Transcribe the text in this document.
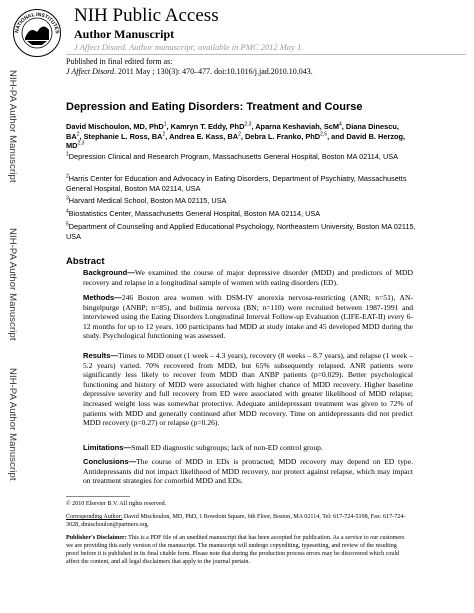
NATIONAL INSTITUTES
NIH Public Access
Author Manuscript
J Affect Disord. Author manuscript; available in PMC 2012 May 1.
NIH-PA Author Manuscript
NIH-PA Author Manuscript
NIH-PA Author Manuscript
Published in final edited form as:
J Affect Disord. 2011 May ; 130(3): 470–477. doi:10.1016/j.jad.2010.10.043.
Depression and Eating Disorders: Treatment and Course
David Mischoulon, MD, PhD$^1$, Kamryn T. Eddy, PhD$^{2,3}$, Aparna Keshaviah, ScM$^4$, Diana Dinescu, $BA^2$, Stephanie L. Ross, $BA^2$, Andrea E. Kass, $BA^2$, Debra L. Franko, PhD$^{2,5}$, and David B. Herzog, MD$^{2,3}$
$^1$Depression Clinical and Research Program, Massachusetts General Hospital, Boston MA 02114, USA
$^2$Harris Center for Education and Advocacy in Eating Disorders, Department of Psychiatry, Massachusetts General Hospital, Boston MA 02114, USA
$^3$Harvard Medical School, Boston MA 02115, USA
$^4$Biostatistics Center, Massachusetts General Hospital, Boston MA 02114, USA
$^5$Department of Counseling and Applied Educational Psychology, Northeastern University, Boston MA 02115, USA
Abstract
Background—We examined the course of major depressive disorder (MDD) and predictors of MDD recovery and relapse in a longitudinal sample of women with eating disorders (ED).
Methods—246 Boston area women with DSM-IV anorexia nervosa-restricting (ANR; n=51), AN-bingelpurge (ANBP; n=85), and bulimia nervosa (BN; n=110) were recruited between 1987-1991 and interviewed using the Eating Disorders Longitudinal Interval Follow-up Evaluation (LIFE-EAT-II) every 6-12 months for up to 12 years. 100 participants had MDD at study intake and 45 developed MDD during the study. Psychological functioning was assessed.
Results—Times to MDD onset (1 week – 4.3 years), recovery (8 weeks – 8.7 years), and relapse (1 week – 5.2 years) varied. 70% recovered from MDD, but 65% subsequently relapsed. ANR patients were significantly less likely to recover from MDD than ANBP patients (p=0.029). Better psychological functioning and history of MDD were associated with higher chance of MDD recovery. Higher baseline depressive severity and full recovery from ED were associated with greater likelihood of MDD relapse; increased weight loss was somewhat protective. Adequate antidepressant treatment was given to 72% of patients with MDD and generally continued after MDD recovery. Time on antidepressants did not predict MDD recovery (p=0.27) or relapse (p=0.26).
Limitations—Small ED diagnostic subgroups; lack of non-ED control group.
Conclusions—The course of MDD in EDs is protracted; MDD recovery may depend on ED type. Antidepressants did not impact likelihood of MDD recovery, nor protect against relapse, which may impact on treatment strategies for comorbid MDD and EDs.
© 2010 Elsevier B.V. All rights reserved.
Corresponding Author: David Mischoulon, MD, PhD, 1 Bowdoin Square, 6th Floor, Boston, MA 02114, Tel: 617-724-5198, Fax: 617-724-3028, dmischoulon@partners.org.
Publisher's Disclaimer: This is a PDF file of an unedited manuscript that has been accepted for publication. As a service to our customers we are providing this early version of the manuscript. The manuscript will undergo copyediting, typesetting, and review of the resulting proof before it is published in its final citable form. Please note that during the production process errors may be discovered which could affect the content, and all legal disclaimers that apply to the journal pertain.
